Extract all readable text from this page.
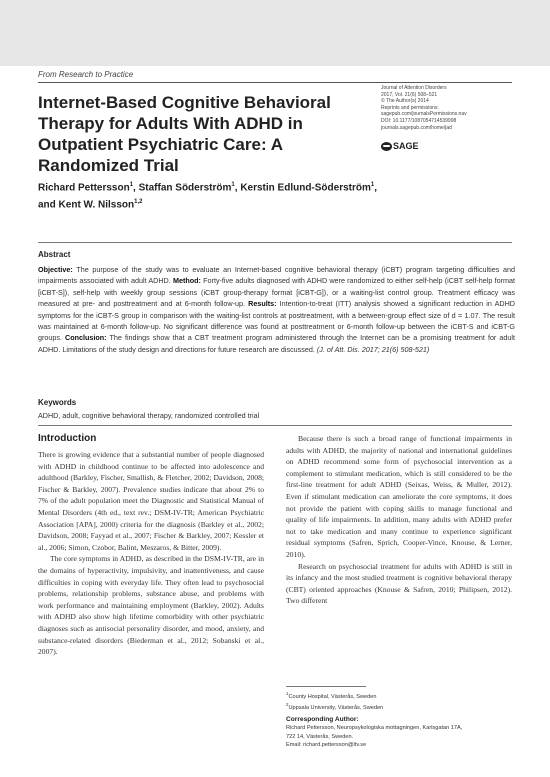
From Research to Practice
Internet-Based Cognitive Behavioral Therapy for Adults With ADHD in Outpatient Psychiatric Care: A Randomized Trial
Journal of Attention Disorders
2017, Vol. 21(6) 508–521
© The Author(s) 2014
Reprints and permissions:
sagepub.com/journalsPermissions.nav
DOI: 10.1177/1087054714539998
journals.sagepub.com/home/jad
SAGE
Richard Pettersson$^1$, Staffan Söderström$^1$, Kerstin Edlund-Söderström$^1$,
and Kent W. Nilsson$^{1,2}$
Abstract

Objective: The purpose of the study was to evaluate an Internet-based cognitive behavioral therapy (iCBT) program targeting difficulties and impairments associated with adult ADHD. Method: Forty-five adults diagnosed with ADHD were randomized to either self-help (iCBT self-help format [iCBT-S]), self-help with weekly group sessions (iCBT group-therapy format [iCBT-G]), or a waiting-list control group. Treatment efficacy was measured at pre- and posttreatment and at 6-month follow-up. Results: Intention-to-treat (ITT) analysis showed a significant reduction in ADHD symptoms for the iCBT-S group in comparison with the waiting-list controls at posttreatment, with a between-group effect size of d = 1.07. The result was maintained at 6-month follow-up. No significant difference was found at posttreatment or 6-month follow-up between the iCBT-S and iCBT-G groups. Conclusion: The findings show that a CBT treatment program administered through the Internet can be a promising treatment for adult ADHD. Limitations of the study design and directions for future research are discussed. (J. of Att. Dis. 2017; 21(6) 508-521)

Keywords
ADHD, adult, cognitive behavioral therapy, randomized controlled trial
Introduction

There is growing evidence that a substantial number of people diagnosed with ADHD in childhood continue to be affected into adolescence and adulthood (Barkley, Fischer, Smallish, & Fletcher, 2002; Davidson, 2008; Fischer & Barkley, 2007). Prevalence studies indicate that about 2% to 7% of the adult population meet the Diagnostic and Statistical Manual of Mental Disorders (4th ed., text rev.; DSM-IV-TR; American Psychiatric Association [APA], 2000) criteria for the diagnosis (Barkley et al., 2002; Davidson, 2008; Fayyad et al., 2007; Fischer & Barkley, 2007; Kessler et al., 2006; Simon, Czobor, Balint, Meszaros, & Bitter, 2009).

The core symptoms in ADHD, as described in the DSM-IV-TR, are in the domains of hyperactivity, impulsivity, and inattentiveness, and cause difficulties in coping with everyday life. They often lead to psychosocial problems, relationship problems, substance abuse, and problems with work performance and maintaining employment (Barkley, 2002). Adults with ADHD also show high lifetime comorbidity with other psychiatric diagnoses such as antisocial personality disorder, and mood, anxiety, and substance-related disorders (Biederman et al., 2012; Sobanski et al., 2007).

Because there is such a broad range of functional impairments in adults with ADHD, the majority of national and international guidelines on ADHD recommend some form of psychosocial intervention as a complement to stimulant medication, which is still considered to be the first-line treatment for adult ADHD (Seixas, Weiss, & Muller, 2012). Even if stimulant medication can ameliorate the core symptoms, it does not provide the patient with coping skills to manage functional and quality of life impairments. In addition, many adults with ADHD prefer not to take medication and many continue to experience significant residual symptoms (Safren, Sprich, Cooper-Vince, Knouse, & Lerner, 2010).

Research on psychosocial treatment for adults with ADHD is still in its infancy and the most studied treatment is cognitive behavioral therapy (CBT) oriented approaches (Knouse & Safren, 2010; Philipsen, 2012). Two different

$^1$County Hospital, Västerås, Sweden
$^2$Uppsala University, Västerås, Sweden
Corresponding Author:
Richard Pettersson, Neuropsykologiska mottagningen, Karlsgatan 17A,
722 14, Västerås, Sweden.
Email: richard.pettersson@ltv.se
